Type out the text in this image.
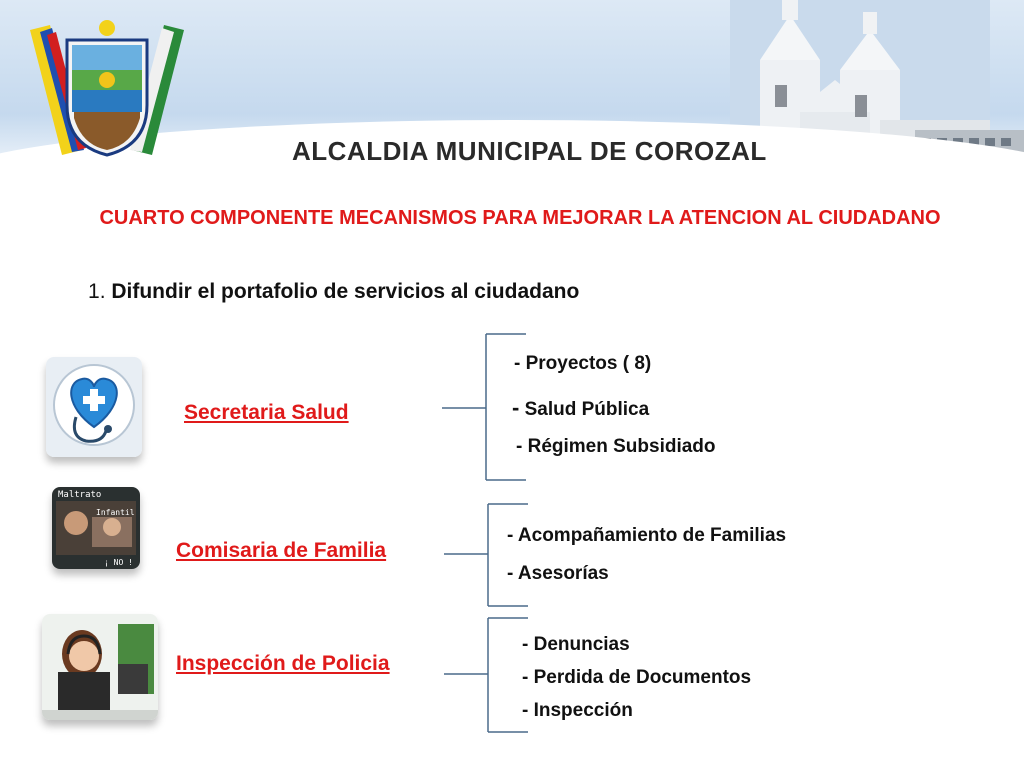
ALCALDIA MUNICIPAL DE COROZAL
CUARTO COMPONENTE MECANISMOS PARA MEJORAR LA ATENCION AL CIUDADANO
1. Difundir el portafolio de servicios al ciudadano
Secretaria Salud
- Proyectos ( 8)
- Salud Pública
- Régimen Subsidiado
Maltrato
Infantil
¡ NO !
Comisaria de Familia
- Acompañamiento de Familias
- Asesorías
Inspección de Policia
- Denuncias
- Perdida de Documentos
- Inspección
